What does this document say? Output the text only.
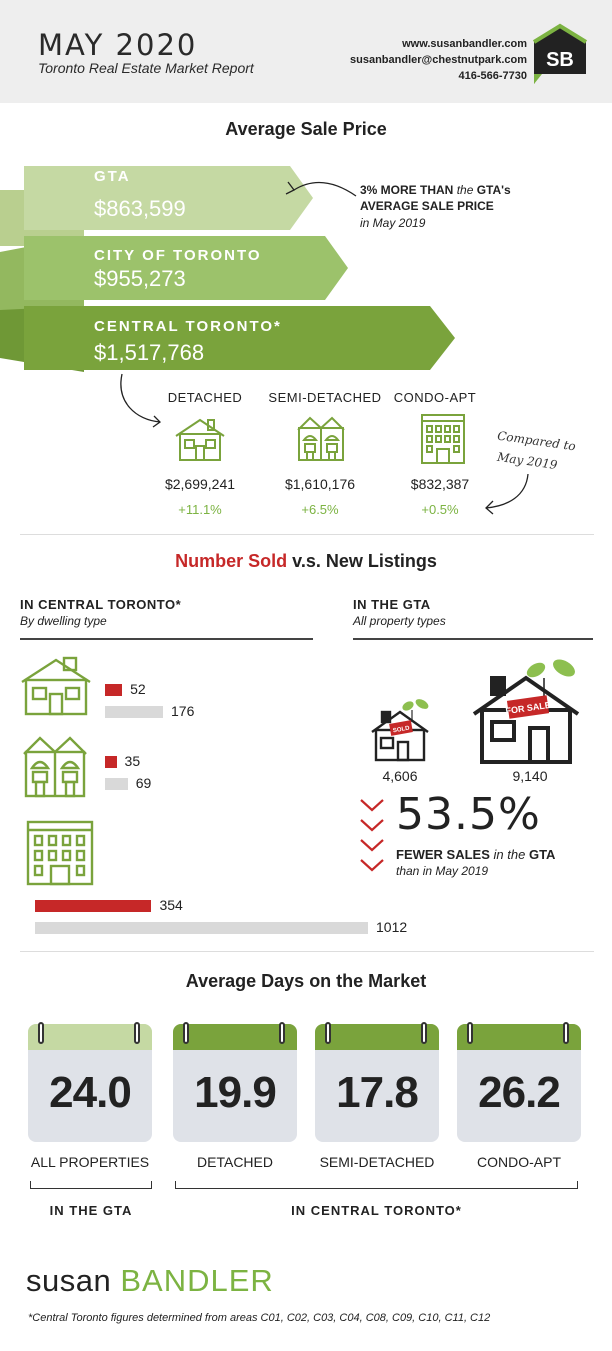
MAY 2020
Toronto Real Estate Market Report
www.susanbandler.com
susanbandler@chestnutpark.com
416-566-7730
SB
Average Sale Price
GTA
$863,599
CITY OF TORONTO
$955,273
CENTRAL TORONTO*
$1,517,768
3% MORE THAN the GTA's
AVERAGE SALE PRICE
in May 2019
DETACHED	SEMI-DETACHED CONDO-APT
$2,699,241	$1,610,176	$832,387
+11.1%	+6.5%	+0.5%
Compared to
May 2019
Number Sold v.s. New Listings
IN CENTRAL TORONTO*
By dwelling type
IN THE GTA
All property types
52
176
35
69
354
1012
SOLD
FOR SALE
4,606	9,140
53.5%
FEWER SALES in the GTA
than in May 2019
Average Days on the Market
24.0	19.9	17.8	26.2
ALL PROPERTIES	DETACHED	SEMI-DETACHED	CONDO-APT
IN THE GTA	IN CENTRAL TORONTO*
susan BANDLER
*Central Toronto figures determined from areas C01, C02, C03, C04, C08, C09, C10, C11, C12
